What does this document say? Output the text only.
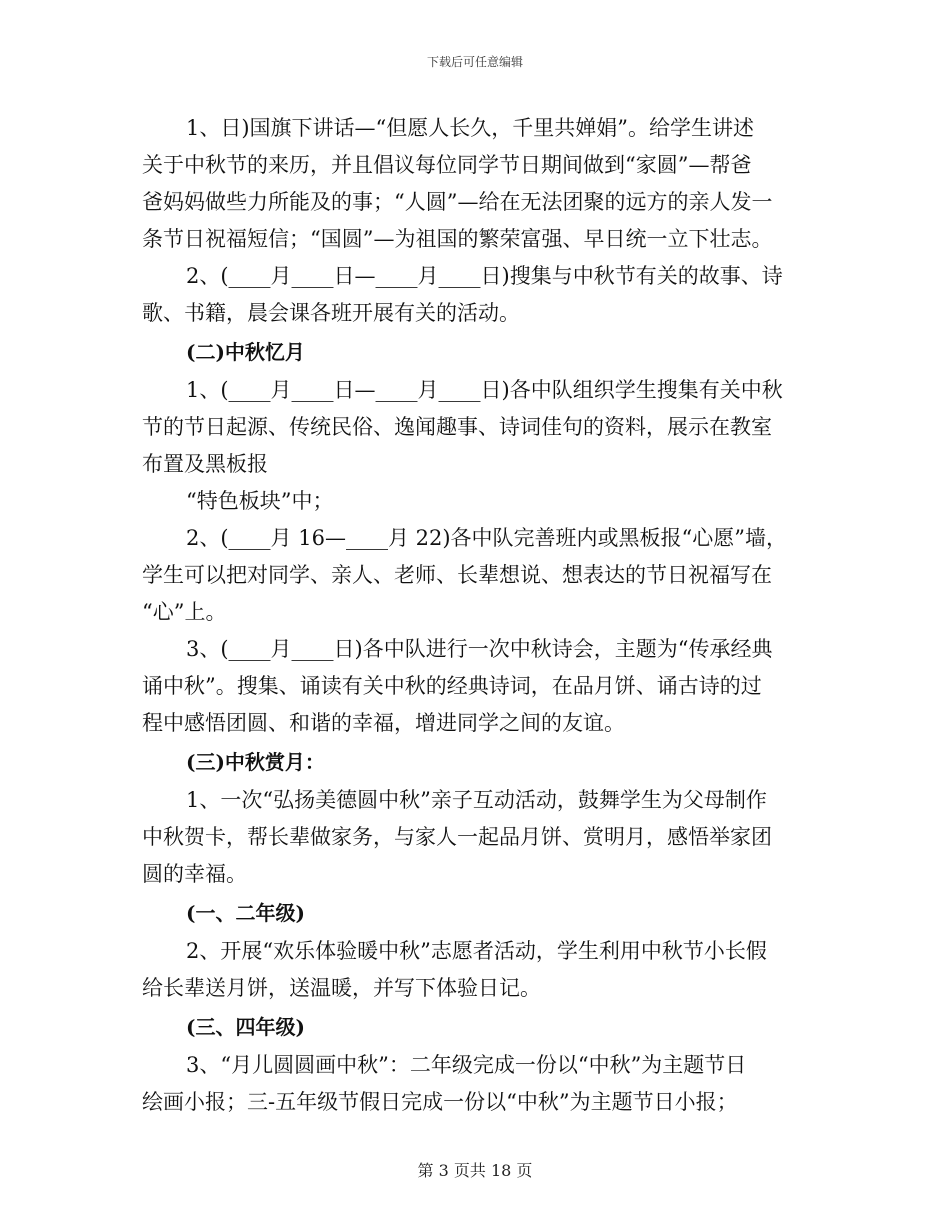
下载后可任意编辑
1、日)国旗下讲话—“但愿人长久，千里共婵娟”。给学生讲述
关于中秋节的来历，并且倡议每位同学节日期间做到“家圆”—帮爸
爸妈妈做些力所能及的事；“人圆”—给在无法团聚的远方的亲人发一
条节日祝福短信；“国圆”—为祖国的繁荣富强、早日统一立下壮志。
2、(____月____日—____月____日)搜集与中秋节有关的故事、诗
歌、书籍，晨会课各班开展有关的活动。
(二)中秋忆月
1、(____月____日—____月____日)各中队组织学生搜集有关中秋
节的节日起源、传统民俗、逸闻趣事、诗词佳句的资料，展示在教室
布置及黑板报
“特色板块”中；
2、(____月 16—____月 22)各中队完善班内或黑板报“心愿”墙，
学生可以把对同学、亲人、老师、长辈想说、想表达的节日祝福写在
“心”上。
3、(____月____日)各中队进行一次中秋诗会，主题为“传承经典
诵中秋”。搜集、诵读有关中秋的经典诗词，在品月饼、诵古诗的过
程中感悟团圆、和谐的幸福，增进同学之间的友谊。
(三)中秋赏月：
1、一次“弘扬美德圆中秋”亲子互动活动，鼓舞学生为父母制作
中秋贺卡，帮长辈做家务，与家人一起品月饼、赏明月，感悟举家团
圆的幸福。
(一、二年级)
2、开展“欢乐体验暖中秋”志愿者活动，学生利用中秋节小长假
给长辈送月饼，送温暖，并写下体验日记。
(三、四年级)
3、“月儿圆圆画中秋”：二年级完成一份以“中秋”为主题节日
绘画小报；三-五年级节假日完成一份以“中秋”为主题节日小报；
第 3 页共 18 页
